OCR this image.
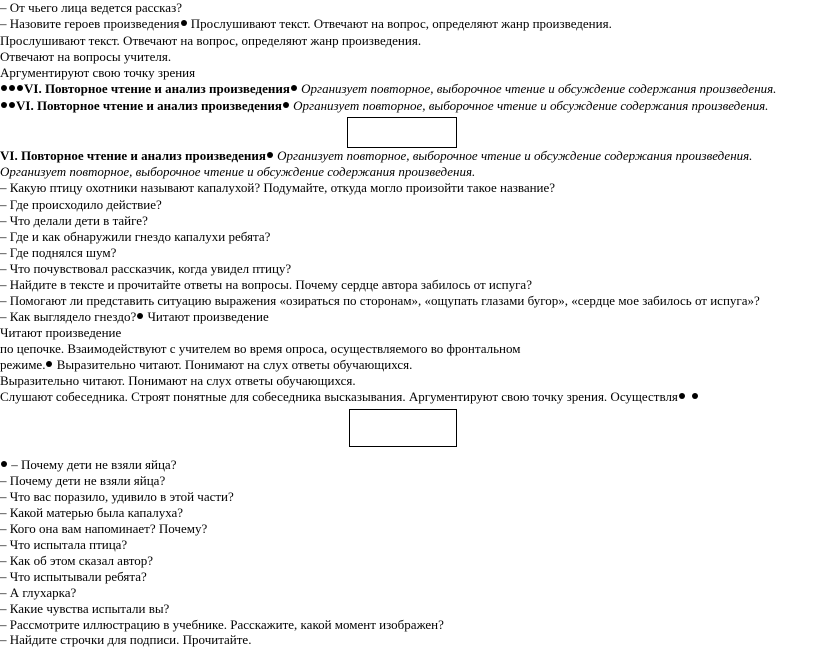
– От чьего лица ведется рассказ?
– Назовите героев произведения Прослушивают текст. Отвечают на вопрос, определяют жанр произведения.
Прослушивают текст. Отвечают на вопрос, определяют жанр произведения.
Отвечают на вопросы учителя.
Аргументируют свою точку зрения
VI. Повторное чтение и анализ произведения Организует повторное, выборочное чтение и обсуждение содержания произведения.
VI. Повторное чтение и анализ произведения Организует повторное, выборочное чтение и обсуждение содержания произведения.
VI. Повторное чтение и анализ произведения Организует повторное, выборочное чтение и обсуждение содержания произведения.
Организует повторное, выборочное чтение и обсуждение содержания произведения.
– Какую птицу охотники называют капалухой? Подумайте, откуда могло произойти такое название?
– Где происходило действие?
– Что делали дети в тайге?
– Где и как обнаружили гнездо капалухи ребята?
– Где поднялся шум?
– Что почувствовал рассказчик, когда увидел птицу?
– Найдите в тексте и прочитайте ответы на вопросы. Почему сердце автора забилось от испуга?
– Помогают ли представить ситуацию выражения «озираться по сторонам», «ощупать глазами бугор», «сердце мое забилось от испуга»?
– Как выглядело гнездо? Читают произведение
Читают произведение
по цепочке. Взаимодействуют с учителем во время опроса, осуществляемого во фронтальном
режиме. Выразительно читают. Понимают на слух ответы обучающихся.
Выразительно читают. Понимают на слух ответы обучающихся.
Слушают собеседника. Строят понятные для собеседника высказывания. Аргументируют свою точку зрения. Осуществля
– Почему дети не взяли яйца?
– Почему дети не взяли яйца?
– Что вас поразило, удивило в этой части?
– Какой матерью была капалуха?
– Кого она вам напоминает? Почему?
– Что испытала птица?
– Как об этом сказал автор?
– Что испытывали ребята?
– А глухарка?
– Какие чувства испытали вы?
– Рассмотрите иллюстрацию в учебнике. Расскажите, какой момент изображен?
– Найдите строчки для подписи. Прочитайте.
